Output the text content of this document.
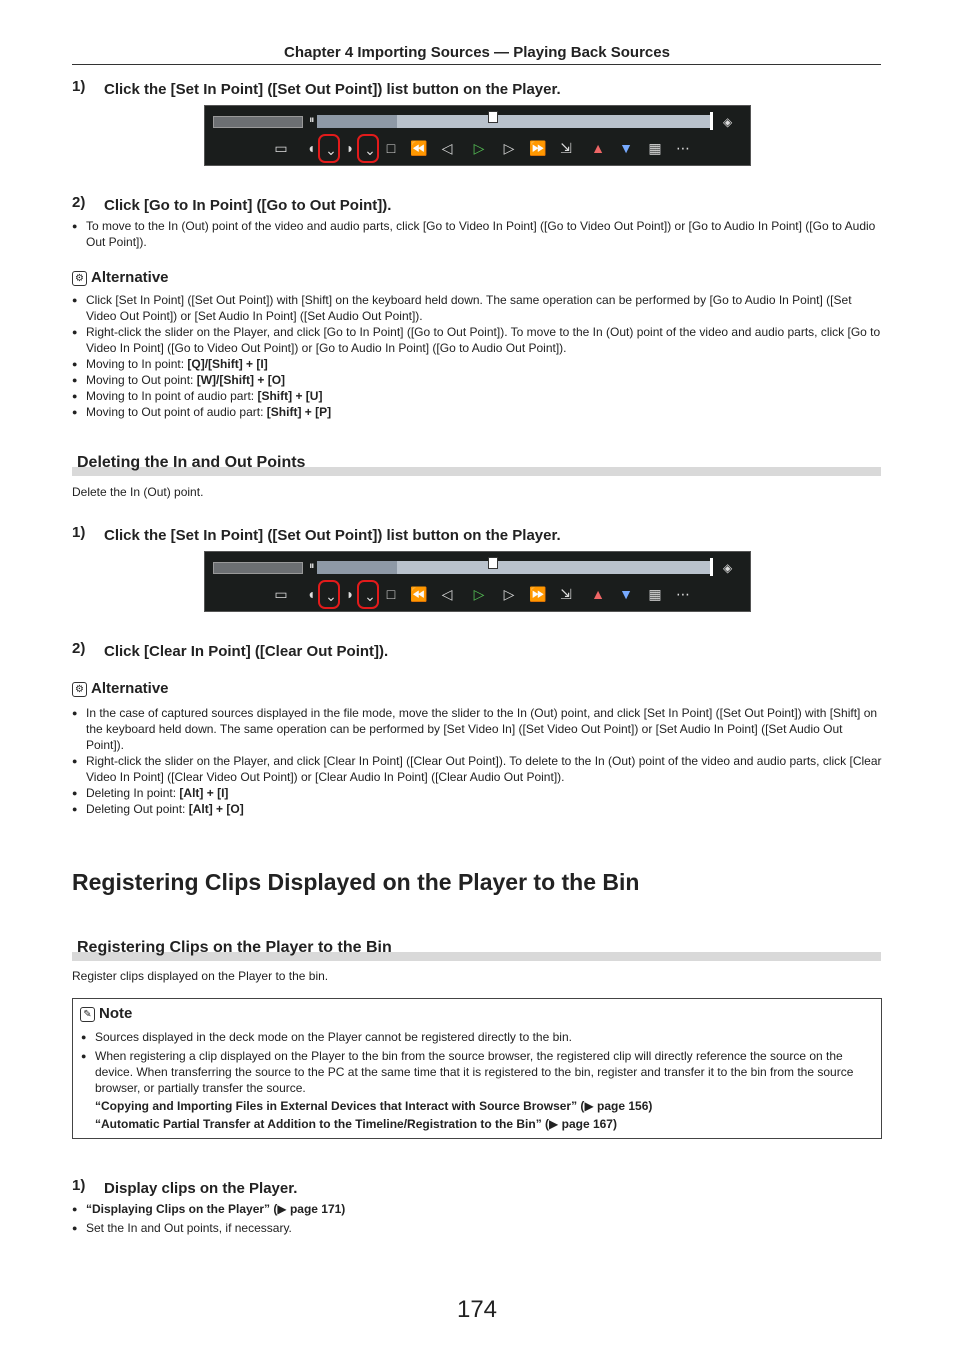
Chapter 4 Importing Sources — Playing Back Sources
1) Click the [Set In Point] ([Set Out Point]) list button on the Player.
◈
⏸
▭	◖ ⌄ ◗ ⌄ □	⏪ ◁	▷	▷	⏩ ⇲ ▲ ▼ ▦ ⋯
2) Click [Go to In Point] ([Go to Out Point]).
● To move to the In (Out) point of the video and audio parts, click [Go to Video In Point] ([Go to Video Out Point]) or [Go to Audio In Point] ([Go to Audio Out Point]).
⚙ Alternative
● Click [Set In Point] ([Set Out Point]) with [Shift] on the keyboard held down. The same operation can be performed by [Go to Audio In Point] ([Set Video Out Point]) or [Set Audio In Point] ([Set Audio Out Point]).
● Right-click the slider on the Player, and click [Go to In Point] ([Go to Out Point]). To move to the In (Out) point of the video and audio parts, click [Go to Video In Point] ([Go to Video Out Point]) or [Go to Audio In Point] ([Go to Audio Out Point]).
● Moving to In point: [Q]/[Shift] + [I]
● Moving to Out point: [W]/[Shift] + [O]
● Moving to In point of audio part: [Shift] + [U]
● Moving to Out point of audio part: [Shift] + [P]
Deleting the In and Out Points
Delete the In (Out) point.
1) Click the [Set In Point] ([Set Out Point]) list button on the Player.
◈
⏸
▭	◖ ⌄ ◗ ⌄ □	⏪ ◁	▷	▷	⏩ ⇲ ▲ ▼ ▦ ⋯
2) Click [Clear In Point] ([Clear Out Point]).
⚙ Alternative
● In the case of captured sources displayed in the file mode, move the slider to the In (Out) point, and click [Set In Point] ([Set Out Point]) with [Shift] on the keyboard held down. The same operation can be performed by [Set Video In] ([Set Video Out Point]) or [Set Audio In Point] ([Set Audio Out Point]).
● Right-click the slider on the Player, and click [Clear In Point] ([Clear Out Point]). To delete to the In (Out) point of the video and audio parts, click [Clear Video In Point] ([Clear Video Out Point]) or [Clear Audio In Point] ([Clear Audio Out Point]).
● Deleting In point: [Alt] + [I]
● Deleting Out point: [Alt] + [O]
Registering Clips Displayed on the Player to the Bin
Registering Clips on the Player to the Bin
Register clips displayed on the Player to the bin.
✎ Note
● Sources displayed in the deck mode on the Player cannot be registered directly to the bin.
● When registering a clip displayed on the Player to the bin from the source browser, the registered clip will directly reference the source on the device. When transferring the source to the PC at the same time that it is registered to the bin, register and transfer it to the bin from the source browser, or partially transfer the source.

“Copying and Importing Files in External Devices that Interact with Source Browser” (▶ page 156)
“Automatic Partial Transfer at Addition to the Timeline/Registration to the Bin” (▶ page 167)
1) Display clips on the Player.
● “Displaying Clips on the Player” (▶ page 171)
● Set the In and Out points, if necessary.
174
